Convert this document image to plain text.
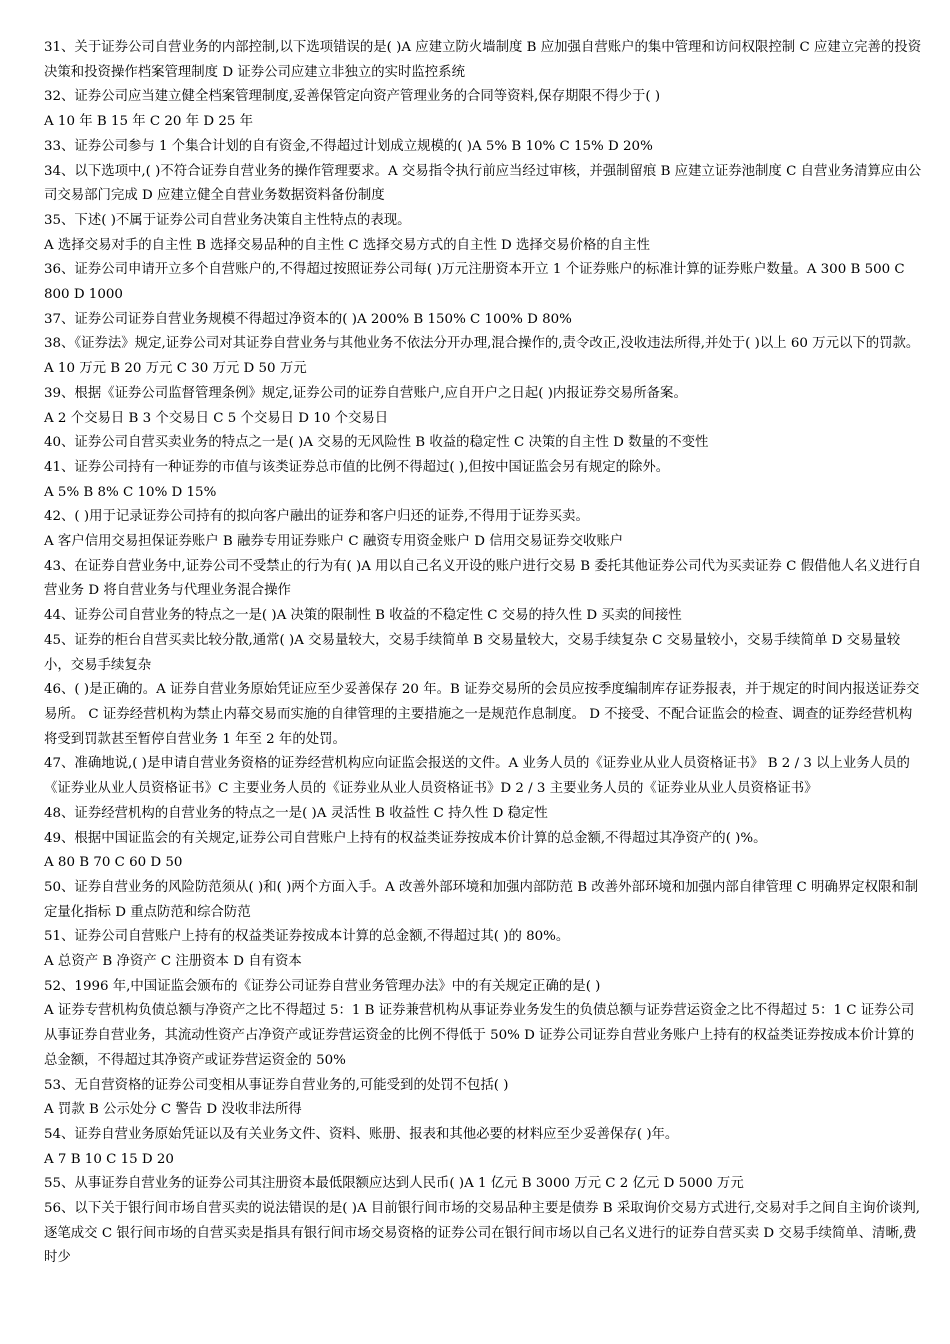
31、关于证券公司自营业务的内部控制,以下选项错误的是( )A 应建立防火墙制度 B 应加强自营账户的集中管理和访问权限控制 C 应建立完善的投资决策和投资操作档案管理制度 D 证券公司应建立非独立的实时监控系统

32、证券公司应当建立健全档案管理制度,妥善保管定向资产管理业务的合同等资料,保存期限不得少于( )

A 10 年 B 15 年 C 20 年 D 25 年

33、证券公司参与 1 个集合计划的自有资金,不得超过计划成立规模的( )A 5% B 10% C 15% D 20%

34、以下选项中,( )不符合证券自营业务的操作管理要求。A 交易指令执行前应当经过审核，并强制留痕 B 应建立证券池制度 C 自营业务清算应由公司交易部门完成 D 应建立健全自营业务数据资料备份制度

35、下述( )不属于证券公司自营业务决策自主性特点的表现。

A 选择交易对手的自主性 B 选择交易品种的自主性 C 选择交易方式的自主性 D 选择交易价格的自主性

36、证券公司申请开立多个自营账户的,不得超过按照证券公司每( )万元注册资本开立 1 个证券账户的标准计算的证券账户数量。A 300 B 500 C 800 D 1000

37、证券公司证券自营业务规模不得超过净资本的( )A 200% B 150% C 100% D 80%

38、《证券法》规定,证券公司对其证券自营业务与其他业务不依法分开办理,混合操作的,责令改正,没收违法所得,并处于( )以上 60 万元以下的罚款。A 10 万元 B 20 万元 C 30 万元 D 50 万元

39、根据《证券公司监督管理条例》规定,证券公司的证券自营账户,应自开户之日起( )内报证券交易所备案。

A 2 个交易日 B 3 个交易日 C 5 个交易日 D 10 个交易日

40、证券公司自营买卖业务的特点之一是( )A 交易的无风险性 B 收益的稳定性 C 决策的自主性 D 数量的不变性

41、证券公司持有一种证券的市值与该类证券总市值的比例不得超过( ),但按中国证监会另有规定的除外。

A 5% B 8% C 10% D 15%

42、( )用于记录证券公司持有的拟向客户融出的证券和客户归还的证券,不得用于证券买卖。

A 客户信用交易担保证券账户 B 融券专用证券账户 C 融资专用资金账户 D 信用交易证券交收账户

43、在证券自营业务中,证券公司不受禁止的行为有( )A 用以自己名义开设的账户进行交易 B 委托其他证券公司代为买卖证券 C 假借他人名义进行自营业务 D 将自营业务与代理业务混合操作

44、证券公司自营业务的特点之一是( )A 决策的限制性 B 收益的不稳定性 C 交易的持久性 D 买卖的间接性

45、证券的柜台自营买卖比较分散,通常( )A 交易量较大，交易手续简单 B 交易量较大，交易手续复杂 C 交易量较小，交易手续简单 D 交易量较小，交易手续复杂

46、( )是正确的。A 证券自营业务原始凭证应至少妥善保存 20 年。B 证券交易所的会员应按季度编制库存证券报表，并于规定的时间内报送证券交易所。 C 证券经营机构为禁止内幕交易而实施的自律管理的主要措施之一是规范作息制度。 D 不接受、不配合证监会的检查、调查的证券经营机构将受到罚款甚至暂停自营业务 1 年至 2 年的处罚。

47、准确地说,( )是申请自营业务资格的证券经营机构应向证监会报送的文件。A 业务人员的《证券业从业人员资格证书》 B 2 / 3 以上业务人员的《证券业从业人员资格证书》C 主要业务人员的《证券业从业人员资格证书》D 2 / 3 主要业务人员的《证券业从业人员资格证书》

48、证券经营机构的自营业务的特点之一是( )A 灵活性 B 收益性 C 持久性 D 稳定性

49、根据中国证监会的有关规定,证券公司自营账户上持有的权益类证券按成本价计算的总金额,不得超过其净资产的( )%。

A 80 B 70 C 60 D 50

50、证券自营业务的风险防范须从( )和( )两个方面入手。A 改善外部环境和加强内部防范 B 改善外部环境和加强内部自律管理 C 明确界定权限和制定量化指标 D 重点防范和综合防范

51、证券公司自营账户上持有的权益类证券按成本计算的总金额,不得超过其( )的 80%。

A 总资产 B 净资产 C 注册资本 D 自有资本

52、1996 年,中国证监会颁布的《证券公司证券自营业务管理办法》中的有关规定正确的是( )

A 证券专营机构负债总额与净资产之比不得超过 5：1 B 证券兼营机构从事证券业务发生的负债总额与证券营运资金之比不得超过 5：1 C 证券公司从事证券自营业务，其流动性资产占净资产或证券营运资金的比例不得低于 50% D 证券公司证券自营业务账户上持有的权益类证券按成本价计算的总金额，不得超过其净资产或证券营运资金的 50%

53、无自营资格的证券公司变相从事证券自营业务的,可能受到的处罚不包括( )

A 罚款 B 公示处分 C 警告 D 没收非法所得

54、证券自营业务原始凭证以及有关业务文件、资料、账册、报表和其他必要的材料应至少妥善保存( )年。

A 7 B 10 C 15 D 20

55、从事证券自营业务的证券公司其注册资本最低限额应达到人民币( )A 1 亿元 B 3000 万元 C 2 亿元 D 5000 万元

56、以下关于银行间市场自营买卖的说法错误的是( )A 目前银行间市场的交易品种主要是债券 B 采取询价交易方式进行,交易对手之间自主询价谈判,逐笔成交 C 银行间市场的自营买卖是指具有银行间市场交易资格的证券公司在银行间市场以自己名义进行的证券自营买卖 D 交易手续简单、清晰,费时少
